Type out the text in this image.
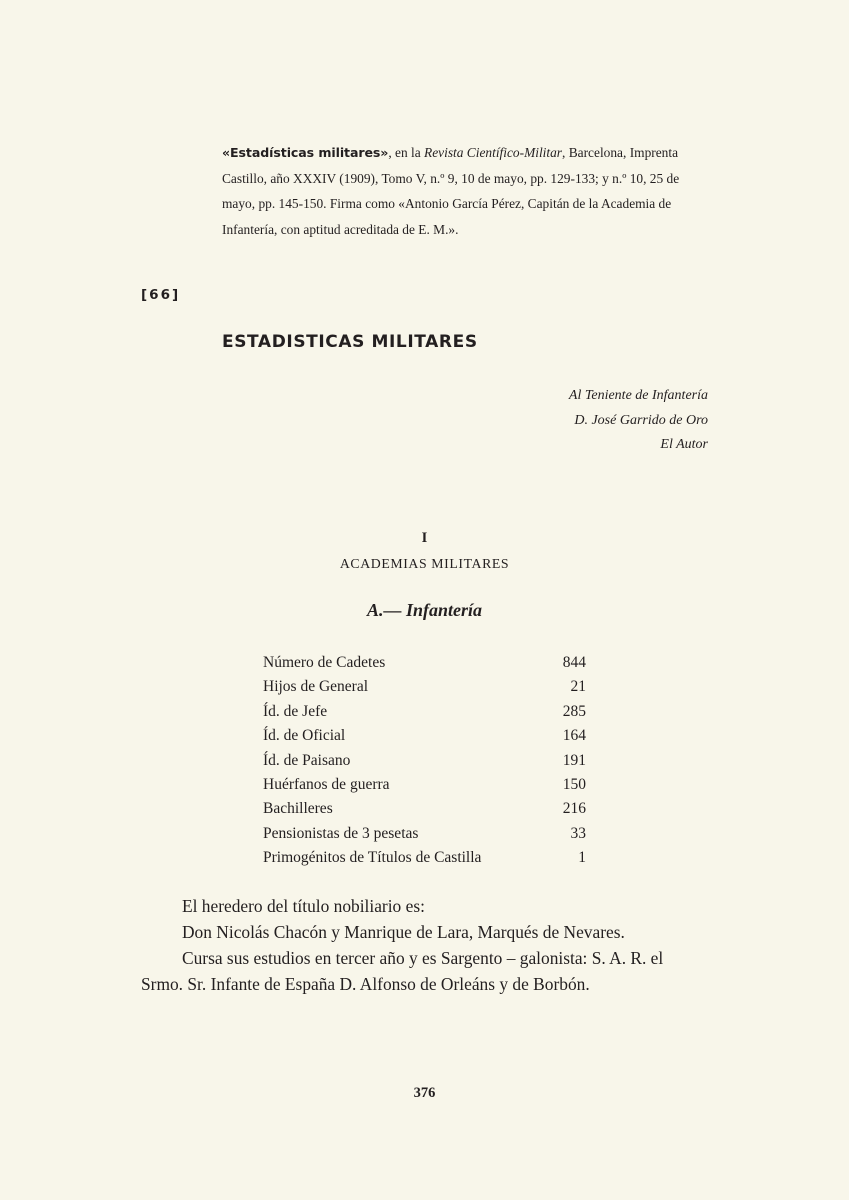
«Estadísticas militares», en la Revista Científico-Militar, Barcelona, Imprenta Castillo, año XXXIV (1909), Tomo V, n.º 9, 10 de mayo, pp. 129-133; y n.º 10, 25 de mayo, pp. 145-150. Firma como «Antonio García Pérez, Capitán de la Academia de Infantería, con aptitud acreditada de E. M.».
[66]
ESTADISTICAS MILITARES
Al Teniente de Infantería
D. José Garrido de Oro
El Autor
I
ACADEMIAS MILITARES
A.— Infantería
Número de Cadetes	844
Hijos de General	21
Íd. de Jefe	285
Íd. de Oficial	164
Íd. de Paisano	191
Huérfanos de guerra	150
Bachilleres	216
Pensionistas de 3 pesetas	33
Primogénitos de Títulos de Castilla	1

El heredero del título nobiliario es:

Don Nicolás Chacón y Manrique de Lara, Marqués de Nevares.

Cursa sus estudios en tercer año y es Sargento – galonista: S. A. R. el Srmo. Sr. Infante de España D. Alfonso de Orleáns y de Borbón.

376
